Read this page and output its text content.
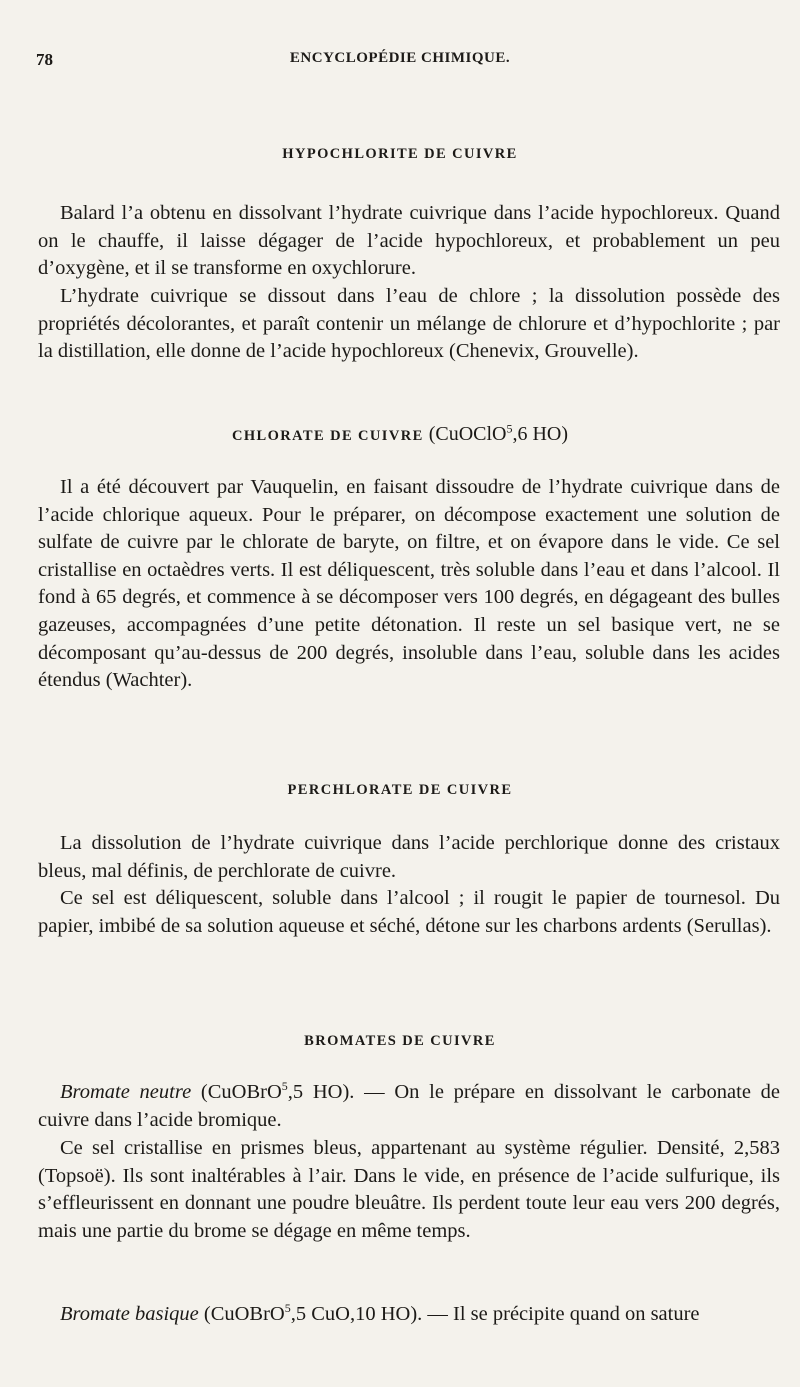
78	ENCYCLOPÉDIE CHIMIQUE.
HYPOCHLORITE DE CUIVRE

Balard l’a obtenu en dissolvant l’hydrate cuivrique dans l’acide hypochloreux. Quand on le chauffe, il laisse dégager de l’acide hypochloreux, et probablement un peu d’oxygène, et il se transforme en oxychlorure.

L’hydrate cuivrique se dissout dans l’eau de chlore ; la dissolution possède des propriétés décolorantes, et paraît contenir un mélange de chlorure et d’hypochlorite ; par la distillation, elle donne de l’acide hypochloreux (Chenevix, Grouvelle).

CHLORATE DE CUIVRE (CuOClO$^5$,6 HO)

Il a été découvert par Vauquelin, en faisant dissoudre de l’hydrate cuivrique dans de l’acide chlorique aqueux. Pour le préparer, on décompose exactement une solution de sulfate de cuivre par le chlorate de baryte, on filtre, et on évapore dans le vide. Ce sel cristallise en octaèdres verts. Il est déliquescent, très soluble dans l’eau et dans l’alcool. Il fond à 65 degrés, et commence à se décomposer vers 100 degrés, en dégageant des bulles gazeuses, accompagnées d’une petite détonation. Il reste un sel basique vert, ne se décomposant qu’au-dessus de 200 degrés, insoluble dans l’eau, soluble dans les acides étendus (Wachter).

PERCHLORATE DE CUIVRE

La dissolution de l’hydrate cuivrique dans l’acide perchlorique donne des cristaux bleus, mal définis, de perchlorate de cuivre.

Ce sel est déliquescent, soluble dans l’alcool ; il rougit le papier de tournesol. Du papier, imbibé de sa solution aqueuse et séché, détone sur les charbons ardents (Serullas).

BROMATES DE CUIVRE

Bromate neutre (CuOBrO$^5$,5 HO). — On le prépare en dissolvant le carbonate de cuivre dans l’acide bromique.

Ce sel cristallise en prismes bleus, appartenant au système régulier. Densité, 2,583 (Topsoë). Ils sont inaltérables à l’air. Dans le vide, en présence de l’acide sulfurique, ils s’effleurissent en donnant une poudre bleuâtre. Ils perdent toute leur eau vers 200 degrés, mais une partie du brome se dégage en même temps.

Bromate basique (CuOBrO$^5$,5 CuO,10 HO). — Il se précipite quand on sature
